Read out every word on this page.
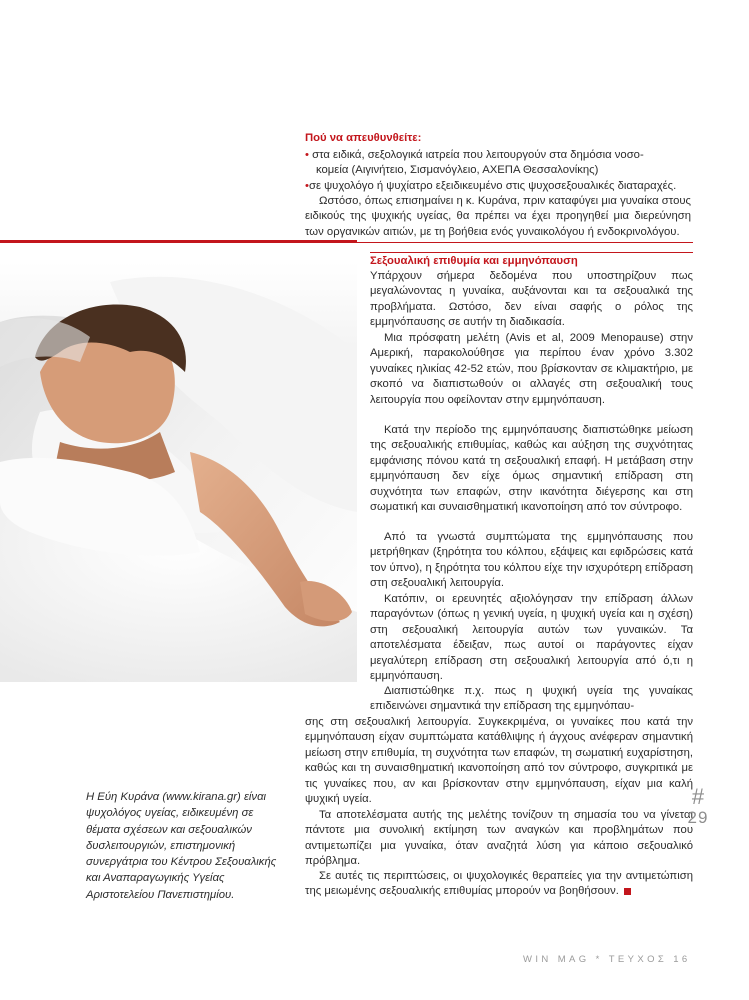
Πού να απευθυνθείτε:
• στα ειδικά, σεξολογικά ιατρεία που λειτουργούν στα δημόσια νοσο-
κομεία (Αιγινήτειο, Σισμανόγλειο, ΑΧΕΠΑ Θεσσαλονίκης)
•σε ψυχολόγο ή ψυχίατρο εξειδικευμένο στις ψυχοσεξουαλικές διαταραχές.
Ωστόσο, όπως επισημαίνει η κ. Κυράνα, πριν καταφύγει μια γυναίκα στους ειδικούς της ψυχικής υγείας, θα πρέπει να έχει προηγηθεί μια διερεύνηση των οργανικών αιτιών, με τη βοήθεια ενός γυναικολόγου ή ενδοκρινολόγου.
Σεξουαλική επιθυμία και εμμηνόπαυση
Υπάρχουν σήμερα δεδομένα που υποστηρίζουν πως μεγαλώνοντας η γυναίκα, αυξάνονται και τα σεξουαλικά της προβλήματα. Ωστόσο, δεν είναι σαφής ο ρόλος της εμμηνόπαυσης σε αυτήν τη διαδικασία.
Μια πρόσφατη μελέτη (Avis et al, 2009 Menopause) στην Αμερική, παρακολούθησε για περίπου έναν χρόνο 3.302 γυναίκες ηλικίας 42-52 ετών, που βρίσκονταν σε κλιμακτήριο, με σκοπό να διαπιστωθούν οι αλλαγές στη σεξουαλική τους λειτουργία που οφείλονταν στην εμμηνόπαυση.
Κατά την περίοδο της εμμηνόπαυσης διαπιστώθηκε μείωση της σεξουαλικής επιθυμίας, καθώς και αύξηση της συχνότητας εμφάνισης πόνου κατά τη σεξουαλική επαφή. Η μετάβαση στην εμμηνόπαυση δεν είχε όμως σημαντική επίδραση στη συχνότητα των επαφών, στην ικανότητα διέγερσης και στη σωματική και συναισθηματική ικανοποίηση από τον σύντροφο.
Από τα γνωστά συμπτώματα της εμμηνόπαυσης που μετρήθηκαν (ξηρότητα του κόλπου, εξάψεις και εφιδρώσεις κατά τον ύπνο), η ξηρότητα του κόλπου είχε την ισχυρότερη επίδραση στη σεξουαλική λειτουργία.
Κατόπιν, οι ερευνητές αξιολόγησαν την επίδραση άλλων παραγόντων (όπως η γενική υγεία, η ψυχική υγεία και η σχέση) στη σεξουαλική λειτουργία αυτών των γυναικών. Τα αποτελέσματα έδειξαν, πως αυτοί οι παράγοντες είχαν μεγαλύτερη επίδραση στη σεξουαλική λειτουργία από ό,τι η εμμηνόπαυση.
Διαπιστώθηκε π.χ. πως η ψυχική υγεία της γυναίκας επιδεινώνει σημαντικά την επίδραση της εμμηνόπαυ-
σης στη σεξουαλική λειτουργία. Συγκεκριμένα, οι γυναίκες που κατά την εμμηνόπαυση είχαν συμπτώματα κατάθλιψης ή άγχους ανέφεραν σημαντική μείωση στην επιθυμία, τη συχνότητα των επαφών, τη σωματική ευχαρίστηση, καθώς και τη συναισθηματική ικανοποίηση από τον σύντροφο, συγκριτικά με τις γυναίκες που, αν και βρίσκονταν στην εμμηνόπαυση, είχαν μια καλή ψυχική υγεία.
Τα αποτελέσματα αυτής της μελέτης τονίζουν τη σημασία του να γίνεται πάντοτε μια συνολική εκτίμηση των αναγκών και προβλημάτων που αντιμετωπίζει μια γυναίκα, όταν αναζητά λύση για κάποιο σεξουαλικό πρόβλημα.
Σε αυτές τις περιπτώσεις, οι ψυχολογικές θεραπείες για την αντιμετώπιση της μειωμένης σεξουαλικής επιθυμίας μπορούν να βοηθήσουν.
Η Εύη Κυράνα (www.kirana.gr) είναι ψυχολόγος υγείας, ειδικευμένη σε θέματα σχέσεων και σεξουαλικών δυσλειτουργιών, επιστημονική συνεργάτρια του Κέντρου Σεξουαλικής και Αναπαραγωγικής Υγείας Αριστοτελείου Πανεπιστημίου.
#
29
WIN MAG * ΤΕΥΧΟΣ 16
